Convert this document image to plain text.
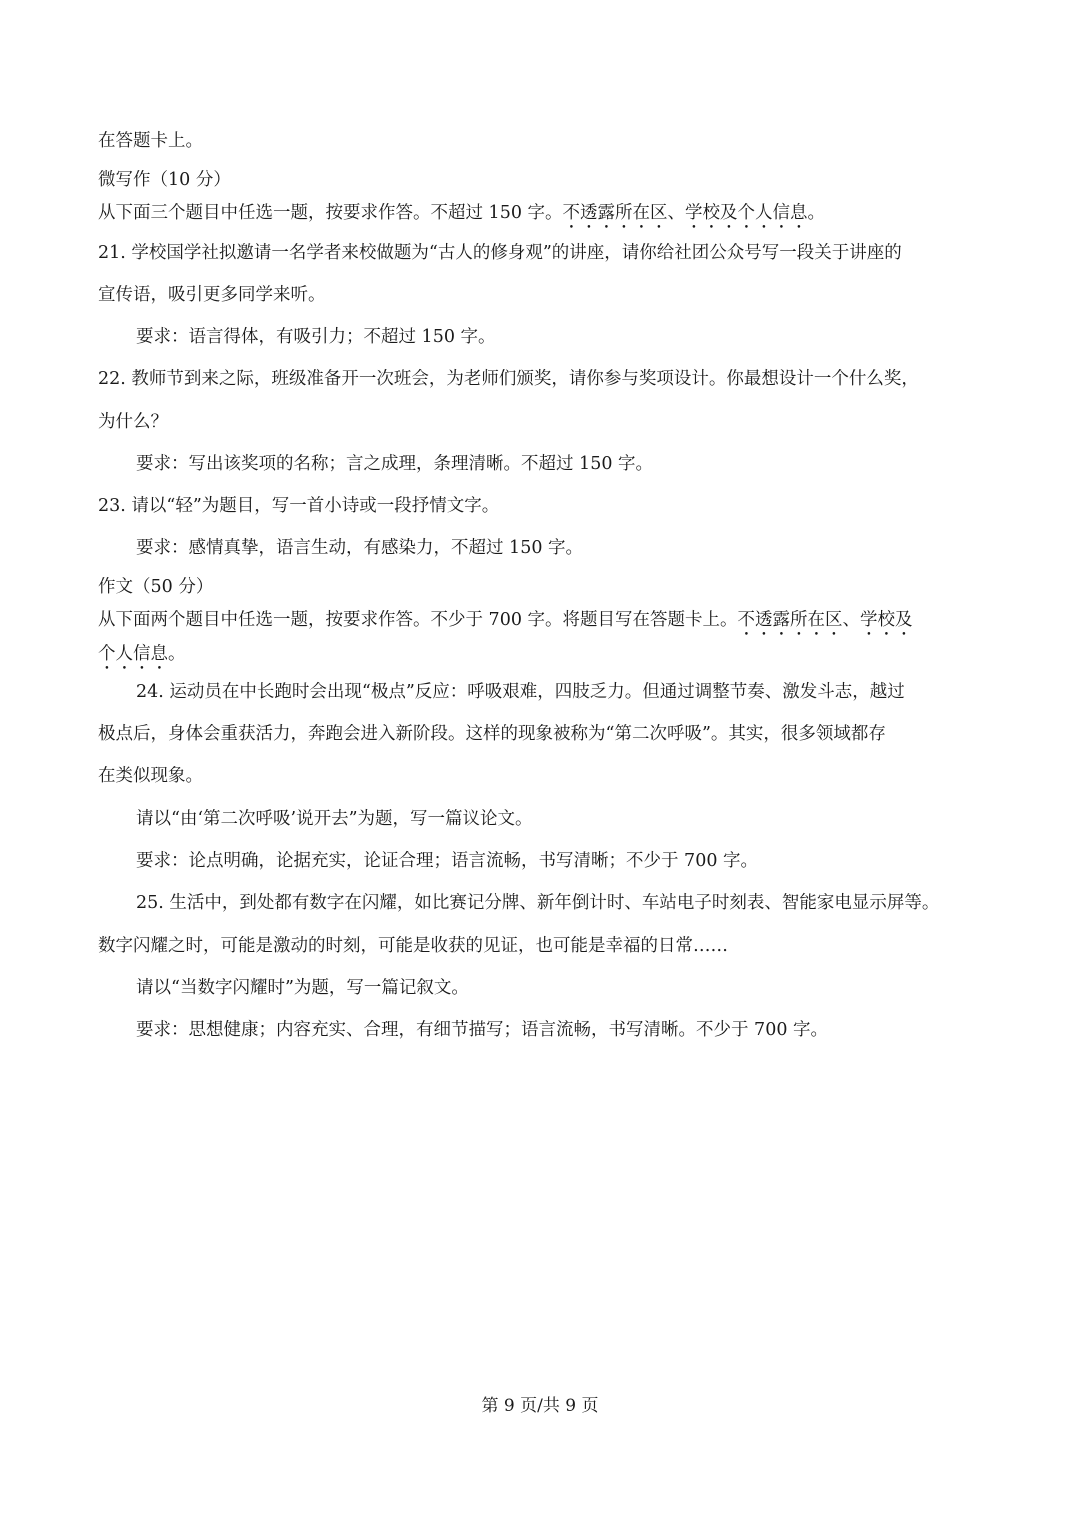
在答题卡上。
微写作（10 分）
从下面三个题目中任选一题，按要求作答。不超过 150 字。不透露所在区、学校及个人信息。
21. 学校国学社拟邀请一名学者来校做题为“古人的修身观”的讲座，请你给社团公众号写一段关于讲座的
宣传语，吸引更多同学来听。
要求：语言得体，有吸引力；不超过 150 字。
22. 教师节到来之际，班级准备开一次班会，为老师们颁奖，请你参与奖项设计。你最想设计一个什么奖，
为什么？
要求：写出该奖项的名称；言之成理，条理清晰。不超过 150 字。
23. 请以“轻”为题目，写一首小诗或一段抒情文字。
要求：感情真挚，语言生动，有感染力，不超过 150 字。
作文（50 分）
从下面两个题目中任选一题，按要求作答。不少于 700 字。将题目写在答题卡上。不透露所在区、学校及
个人信息。
24. 运动员在中长跑时会出现“极点”反应：呼吸艰难，四肢乏力。但通过调整节奏、激发斗志，越过
极点后，身体会重获活力，奔跑会进入新阶段。这样的现象被称为“第二次呼吸”。其实，很多领域都存
在类似现象。
请以“由‘第二次呼吸’说开去”为题，写一篇议论文。
要求：论点明确，论据充实，论证合理；语言流畅，书写清晰；不少于 700 字。
25. 生活中，到处都有数字在闪耀，如比赛记分牌、新年倒计时、车站电子时刻表、智能家电显示屏等。
数字闪耀之时，可能是激动的时刻，可能是收获的见证，也可能是幸福的日常……
请以“当数字闪耀时”为题，写一篇记叙文。
要求：思想健康；内容充实、合理，有细节描写；语言流畅，书写清晰。不少于 700 字。
第 9 页/共 9 页
